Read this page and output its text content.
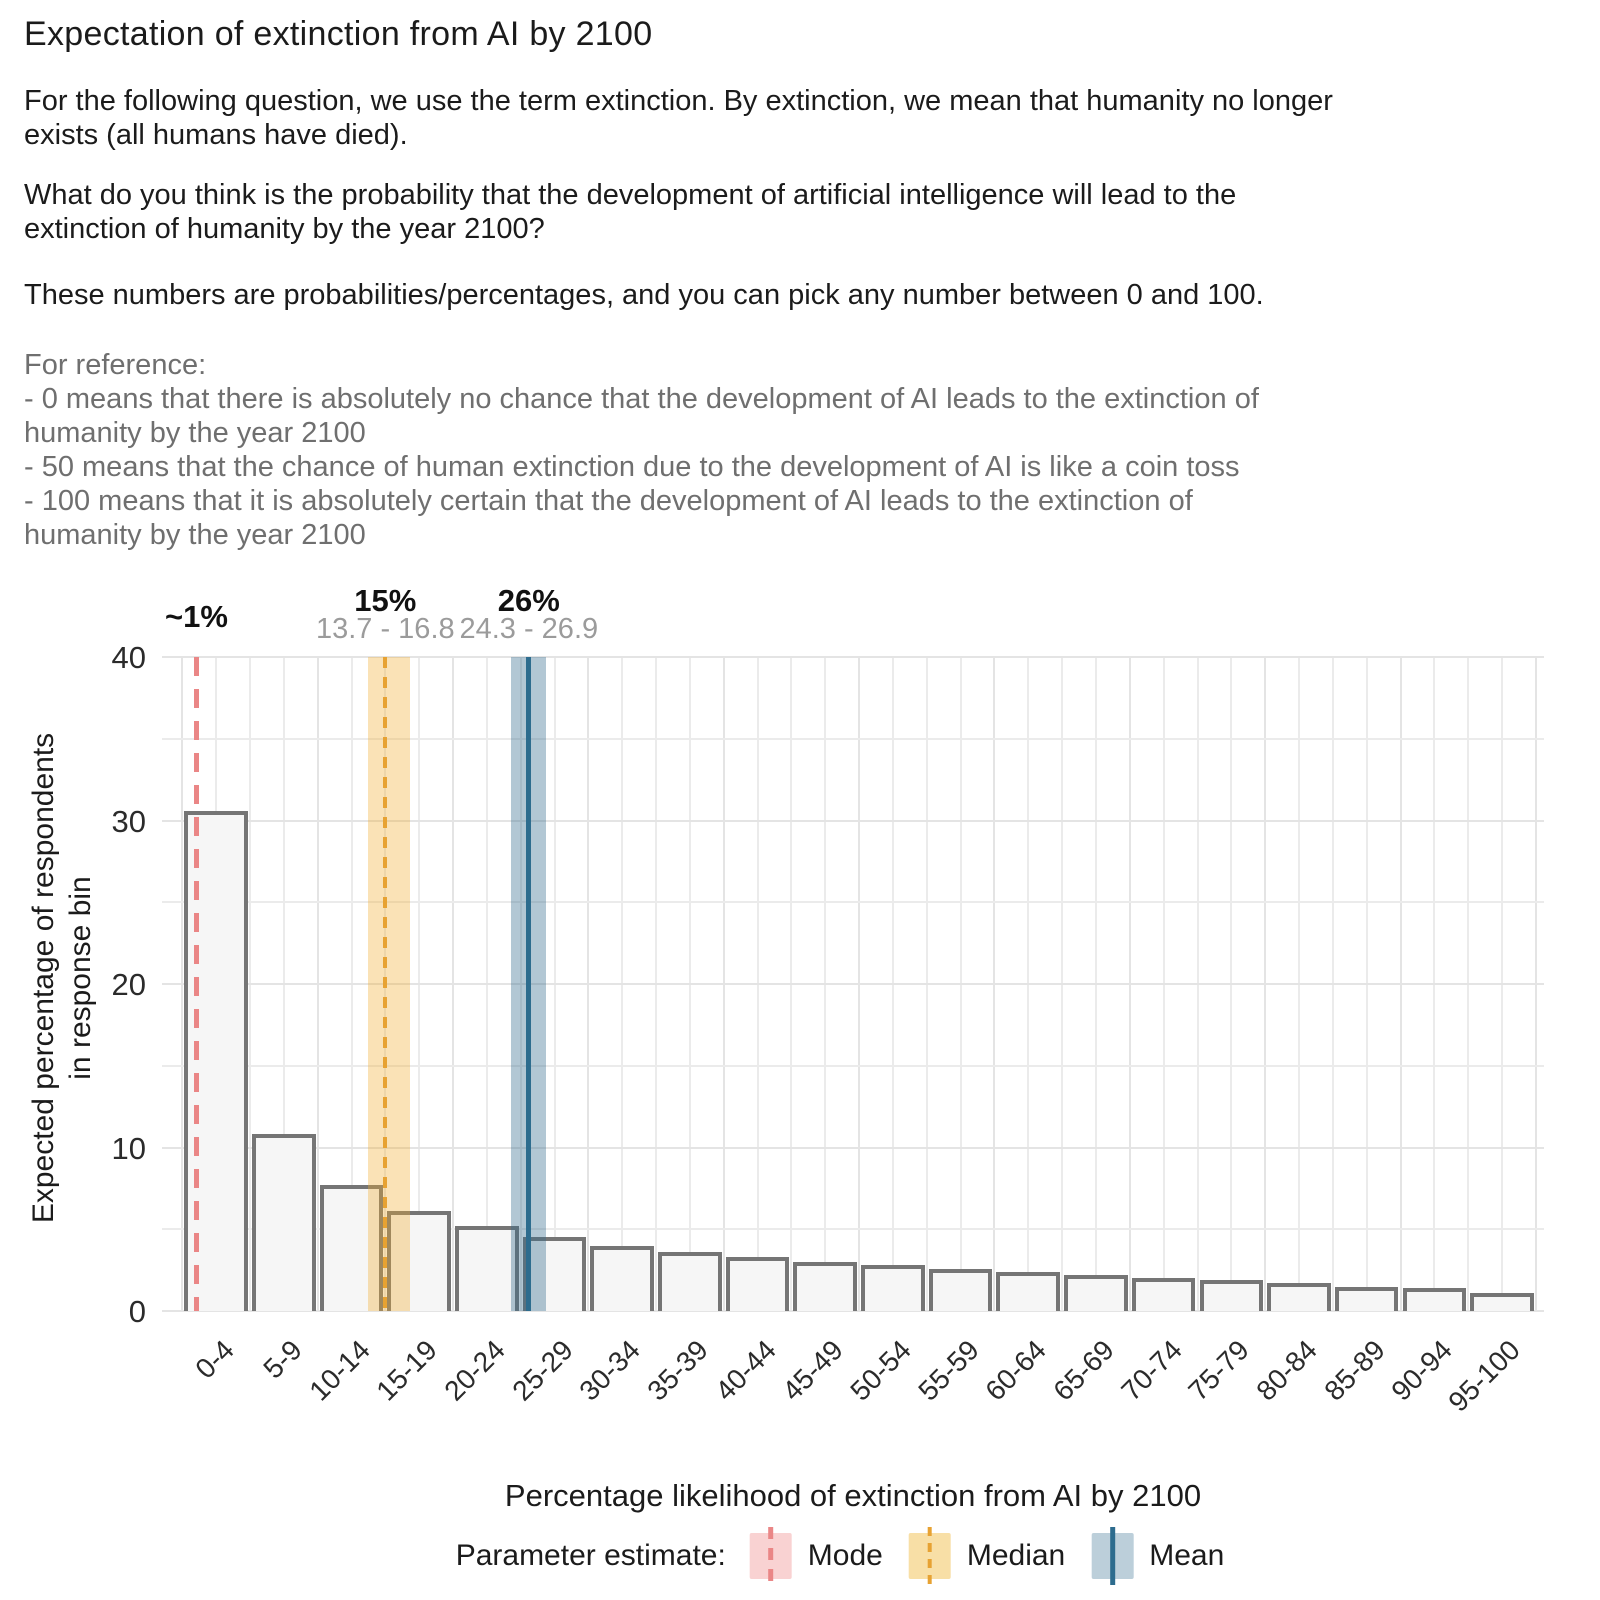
Expectation of extinction from AI by 2100
For the following question, we use the term extinction. By extinction, we mean that humanity no longer
exists (all humans have died).
What do you think is the probability that the development of artificial intelligence will lead to the
extinction of humanity by the year 2100?
These numbers are probabilities/percentages, and you can pick any number between 0 and 100.
For reference:
- 0 means that there is absolutely no chance that the development of AI leads to the extinction of
humanity by the year 2100
- 50 means that the chance of human extinction due to the development of AI is like a coin toss
- 100 means that it is absolutely certain that the development of AI leads to the extinction of
humanity by the year 2100
~1%	15%
13.7 - 16.8
26%
24.3 - 26.9
0
10
20
30
40
0-4 5-9
10-14
15-19
20-24
25-29
30-34
35-39
40-44
45-49
50-54
55-59
60-64
65-69
70-74
75-79
80-84
85-89
90-94
95-100
Expected percentage of respondents in response bin
Percentage likelihood of extinction from AI by 2100
Parameter estimate:	Mode	Median	Mean
